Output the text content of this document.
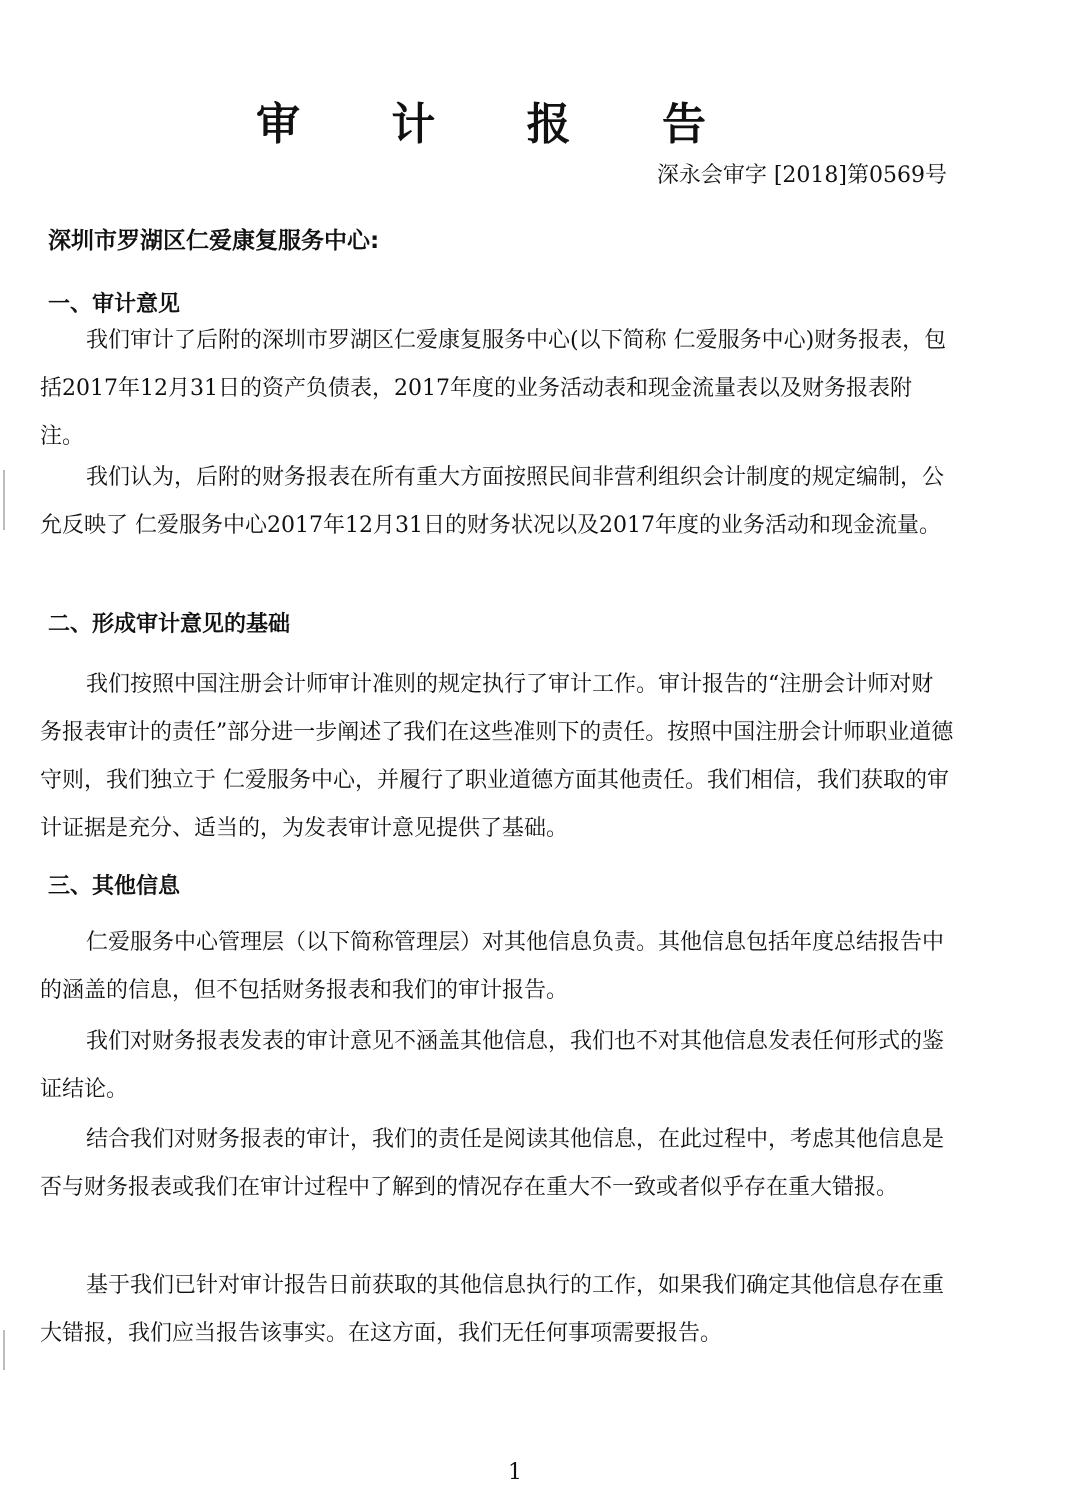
审 计 报 告
深永会审字 [2018]第0569号
深圳市罗湖区仁爱康复服务中心:
一、审计意见
我们审计了后附的深圳市罗湖区仁爱康复服务中心(以下简称 仁爱服务中心)财务报表，包括2017年12月31日的资产负债表，2017年度的业务活动表和现金流量表以及财务报表附注。
我们认为，后附的财务报表在所有重大方面按照民间非营利组织会计制度的规定编制，公允反映了 仁爱服务中心2017年12月31日的财务状况以及2017年度的业务活动和现金流量。
二、形成审计意见的基础
我们按照中国注册会计师审计准则的规定执行了审计工作。审计报告的“注册会计师对财务报表审计的责任”部分进一步阐述了我们在这些准则下的责任。按照中国注册会计师职业道德守则，我们独立于 仁爱服务中心，并履行了职业道德方面其他责任。我们相信，我们获取的审计证据是充分、适当的，为发表审计意见提供了基础。
三、其他信息
仁爱服务中心管理层（以下简称管理层）对其他信息负责。其他信息包括年度总结报告中的涵盖的信息，但不包括财务报表和我们的审计报告。
我们对财务报表发表的审计意见不涵盖其他信息，我们也不对其他信息发表任何形式的鉴证结论。
结合我们对财务报表的审计，我们的责任是阅读其他信息，在此过程中，考虑其他信息是否与财务报表或我们在审计过程中了解到的情况存在重大不一致或者似乎存在重大错报。
基于我们已针对审计报告日前获取的其他信息执行的工作，如果我们确定其他信息存在重大错报，我们应当报告该事实。在这方面，我们无任何事项需要报告。
1
